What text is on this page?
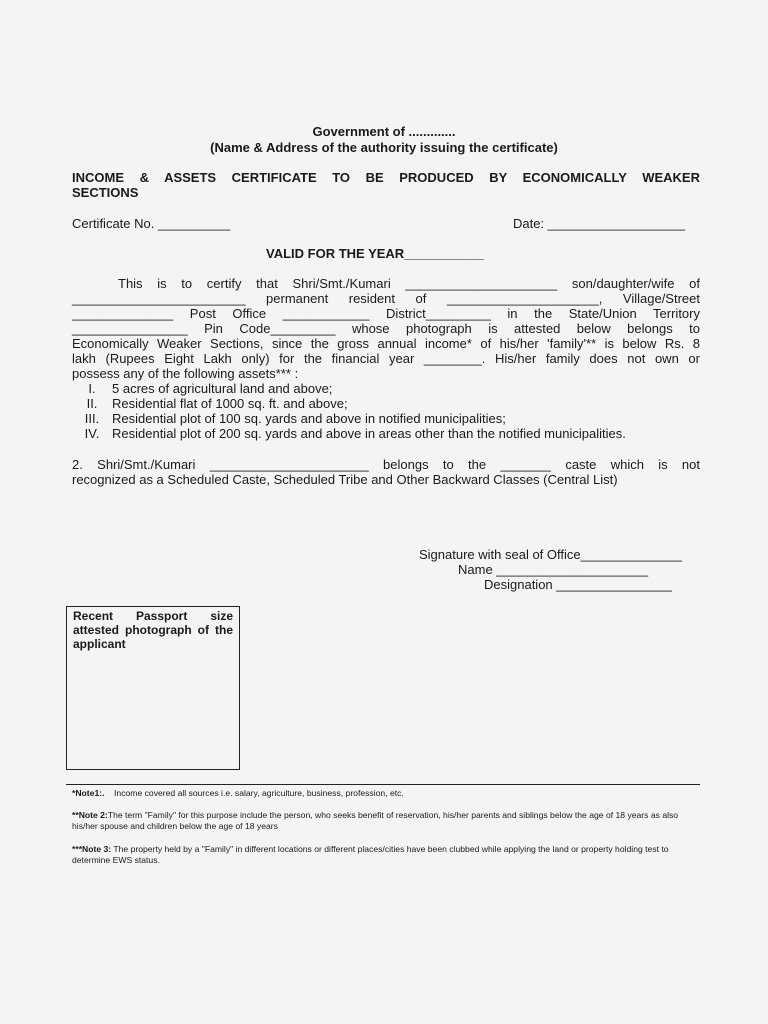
Government of .............
(Name & Address of the authority issuing the certificate)
INCOME & ASSETS CERTIFICATE TO BE PRODUCED BY ECONOMICALLY WEAKER
SECTIONS
Certificate No. __________	Date: ___________________
VALID FOR THE YEAR___________
This is to certify that Shri/Smt./Kumari _____________________ son/daughter/wife of
________________________ permanent resident of _____________________, Village/Street
______________ Post Office ____________ District_________ in the State/Union Territory
________________ Pin Code_________ whose photograph is attested below belongs to
Economically Weaker Sections, since the gross annual income* of his/her 'family'** is below Rs. 8
lakh (Rupees Eight Lakh only) for the financial year ________. His/her family does not own or
possess any of the following assets*** :
I. 5 acres of agricultural land and above;
II. Residential flat of 1000 sq. ft. and above;
III. Residential plot of 100 sq. yards and above in notified municipalities;
IV. Residential plot of 200 sq. yards and above in areas other than the notified municipalities.
2. Shri/Smt./Kumari ______________________ belongs to the _______ caste which is not
recognized as a Scheduled Caste, Scheduled Tribe and Other Backward Classes (Central List)
Signature with seal of Office______________
Name _____________________
Designation ________________
Recent Passport size attested photograph of the applicant
*Note1:. Income covered all sources i.e. salary, agriculture, business, profession, etc.
**Note 2:The term "Family" for this purpose include the person, who seeks benefit of reservation, his/her parents and siblings below the age of 18 years as also his/her spouse and children below the age of 18 years
***Note 3: The property held by a "Family" in different locations or different places/cities have been clubbed while applying the land or property holding test to determine EWS status.
